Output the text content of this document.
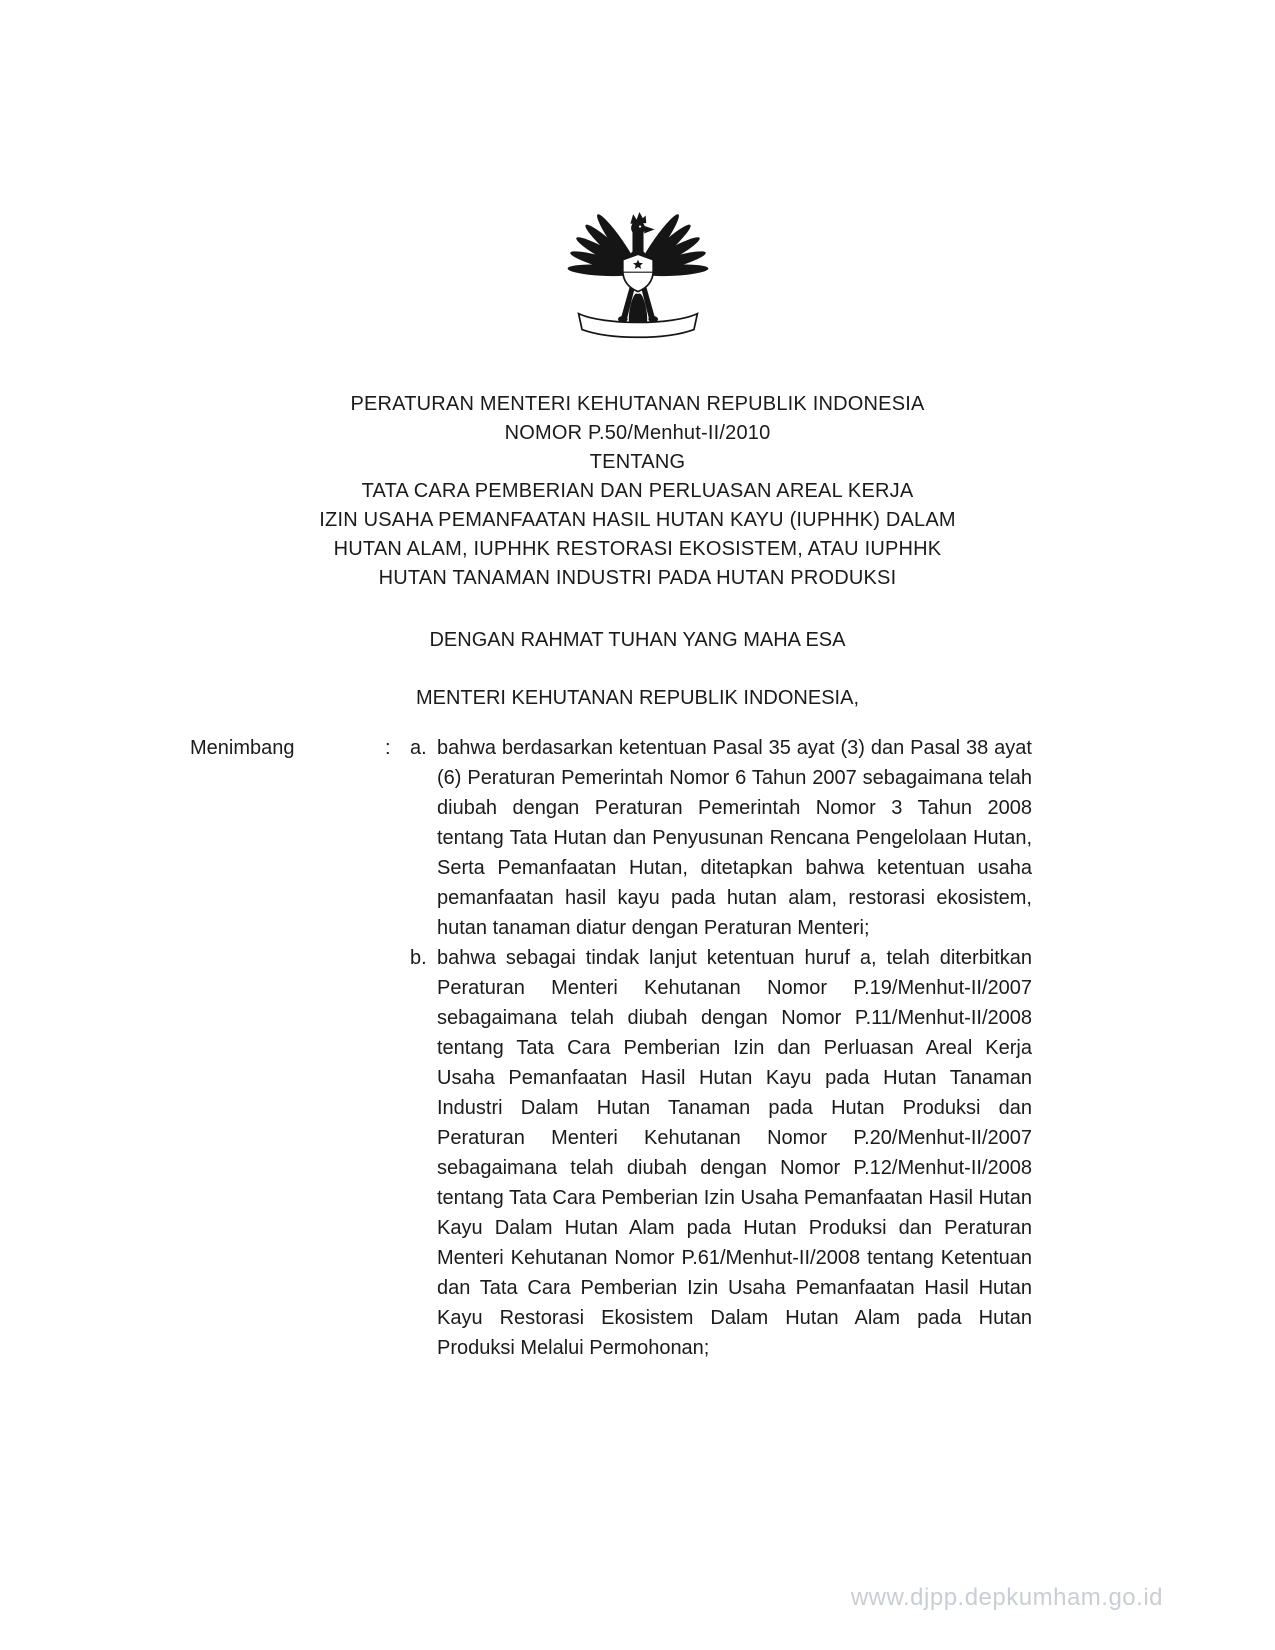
PERATURAN MENTERI KEHUTANAN REPUBLIK INDONESIA
NOMOR P.50/Menhut-II/2010
TENTANG
TATA CARA PEMBERIAN DAN PERLUASAN AREAL KERJA
IZIN USAHA PEMANFAATAN HASIL HUTAN KAYU (IUPHHK) DALAM
HUTAN ALAM, IUPHHK RESTORASI EKOSISTEM, ATAU IUPHHK
HUTAN TANAMAN INDUSTRI PADA HUTAN PRODUKSI
DENGAN RAHMAT TUHAN YANG MAHA ESA
MENTERI KEHUTANAN REPUBLIK INDONESIA,
Menimbang	: a. bahwa berdasarkan ketentuan Pasal 35 ayat (3) dan Pasal 38 ayat (6) Peraturan Pemerintah Nomor 6 Tahun 2007 sebagaimana telah diubah dengan Peraturan Pemerintah Nomor 3 Tahun 2008 tentang Tata Hutan dan Penyusunan Rencana Pengelolaan Hutan, Serta Pemanfaatan Hutan, ditetapkan bahwa ketentuan usaha pemanfaatan hasil kayu pada hutan alam, restorasi ekosistem, hutan tanaman diatur dengan Peraturan Menteri;
b. bahwa sebagai tindak lanjut ketentuan huruf a, telah diterbitkan Peraturan Menteri Kehutanan Nomor P.19/Menhut-II/2007 sebagaimana telah diubah dengan Nomor P.11/Menhut-II/2008 tentang Tata Cara Pemberian Izin dan Perluasan Areal Kerja Usaha Pemanfaatan Hasil Hutan Kayu pada Hutan Tanaman Industri Dalam Hutan Tanaman pada Hutan Produksi dan Peraturan Menteri Kehutanan Nomor P.20/Menhut-II/2007 sebagaimana telah diubah dengan Nomor P.12/Menhut-II/2008 tentang Tata Cara Pemberian Izin Usaha Pemanfaatan Hasil Hutan Kayu Dalam Hutan Alam pada Hutan Produksi dan Peraturan Menteri Kehutanan Nomor P.61/Menhut-II/2008 tentang Ketentuan dan Tata Cara Pemberian Izin Usaha Pemanfaatan Hasil Hutan Kayu Restorasi Ekosistem Dalam Hutan Alam pada Hutan Produksi Melalui Permohonan;
www.djpp.depkumham.go.id
